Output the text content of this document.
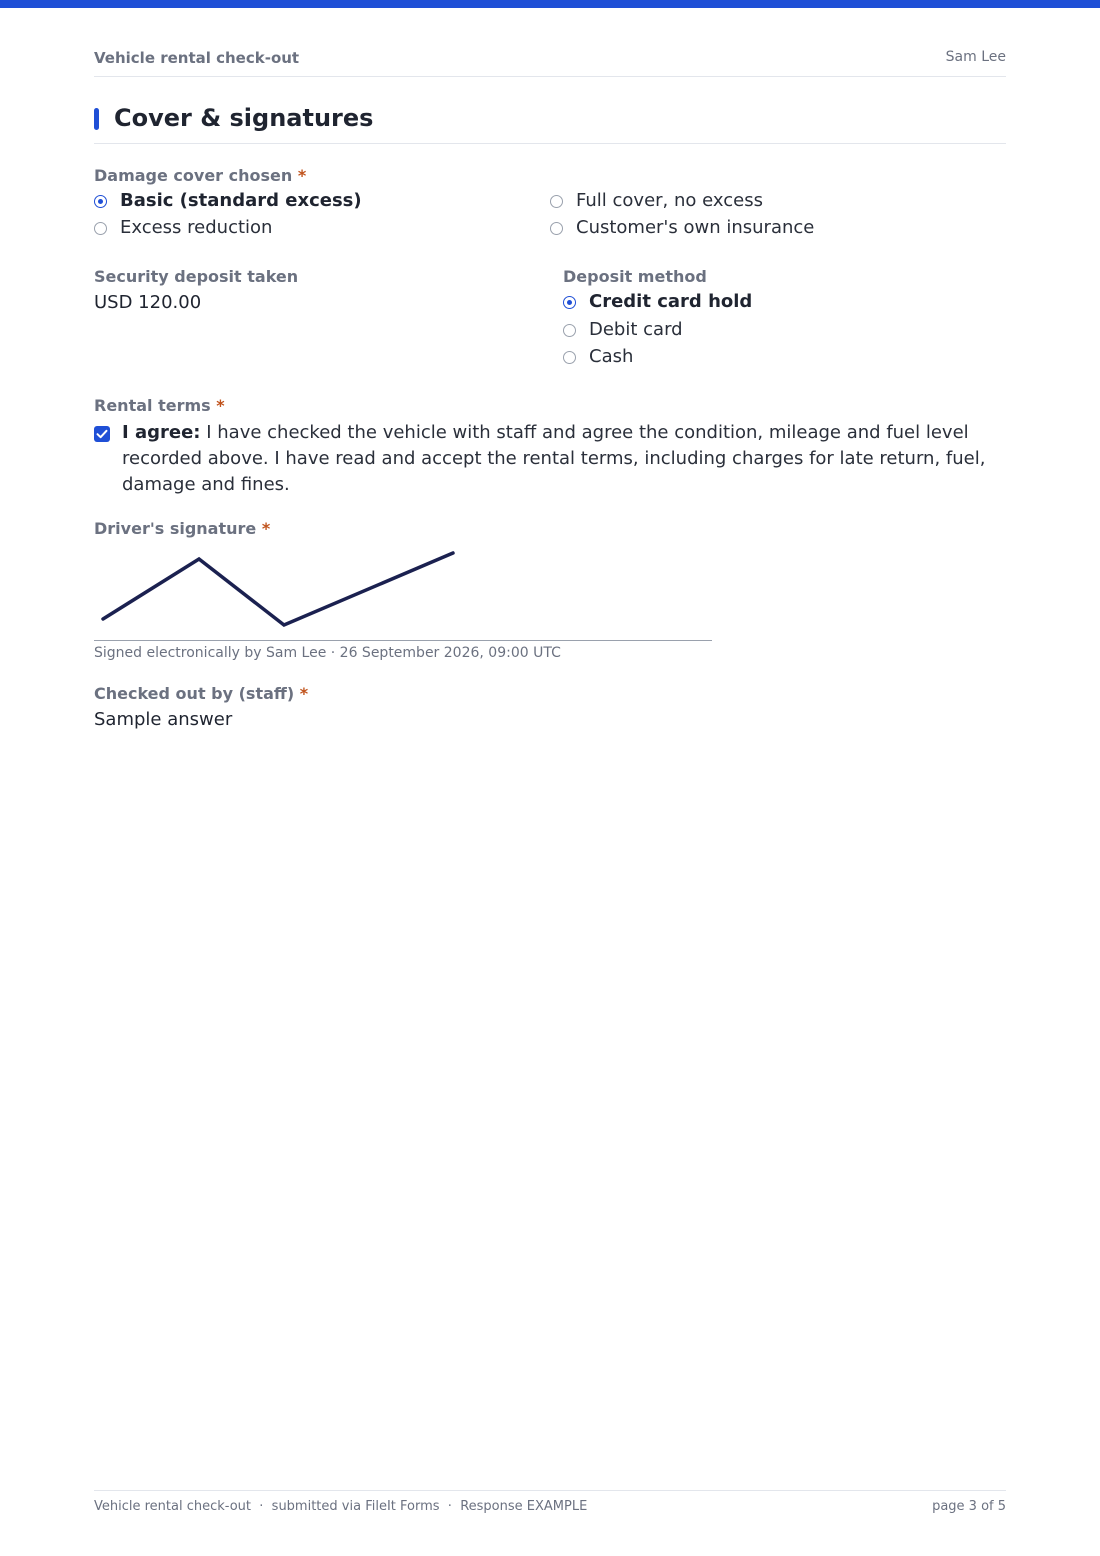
Vehicle rental check-out	Sam Lee
Cover & signatures
Damage cover chosen *
Basic (standard excess)	Full cover, no excess
Excess reduction	Customer's own insurance
Security deposit taken
USD 120.00
Deposit method
Credit card hold
Debit card
Cash
Rental terms *
I agree: I have checked the vehicle with staff and agree the condition, mileage and fuel level recorded above. I have read and accept the rental terms, including charges for late return, fuel, damage and fines.
Driver's signature *
Signed electronically by Sam Lee · 26 September 2026, 09:00 UTC
Checked out by (staff) *
Sample answer
Vehicle rental check-out  ·  submitted via FileIt Forms  ·  Response EXAMPLE	page 3 of 5
